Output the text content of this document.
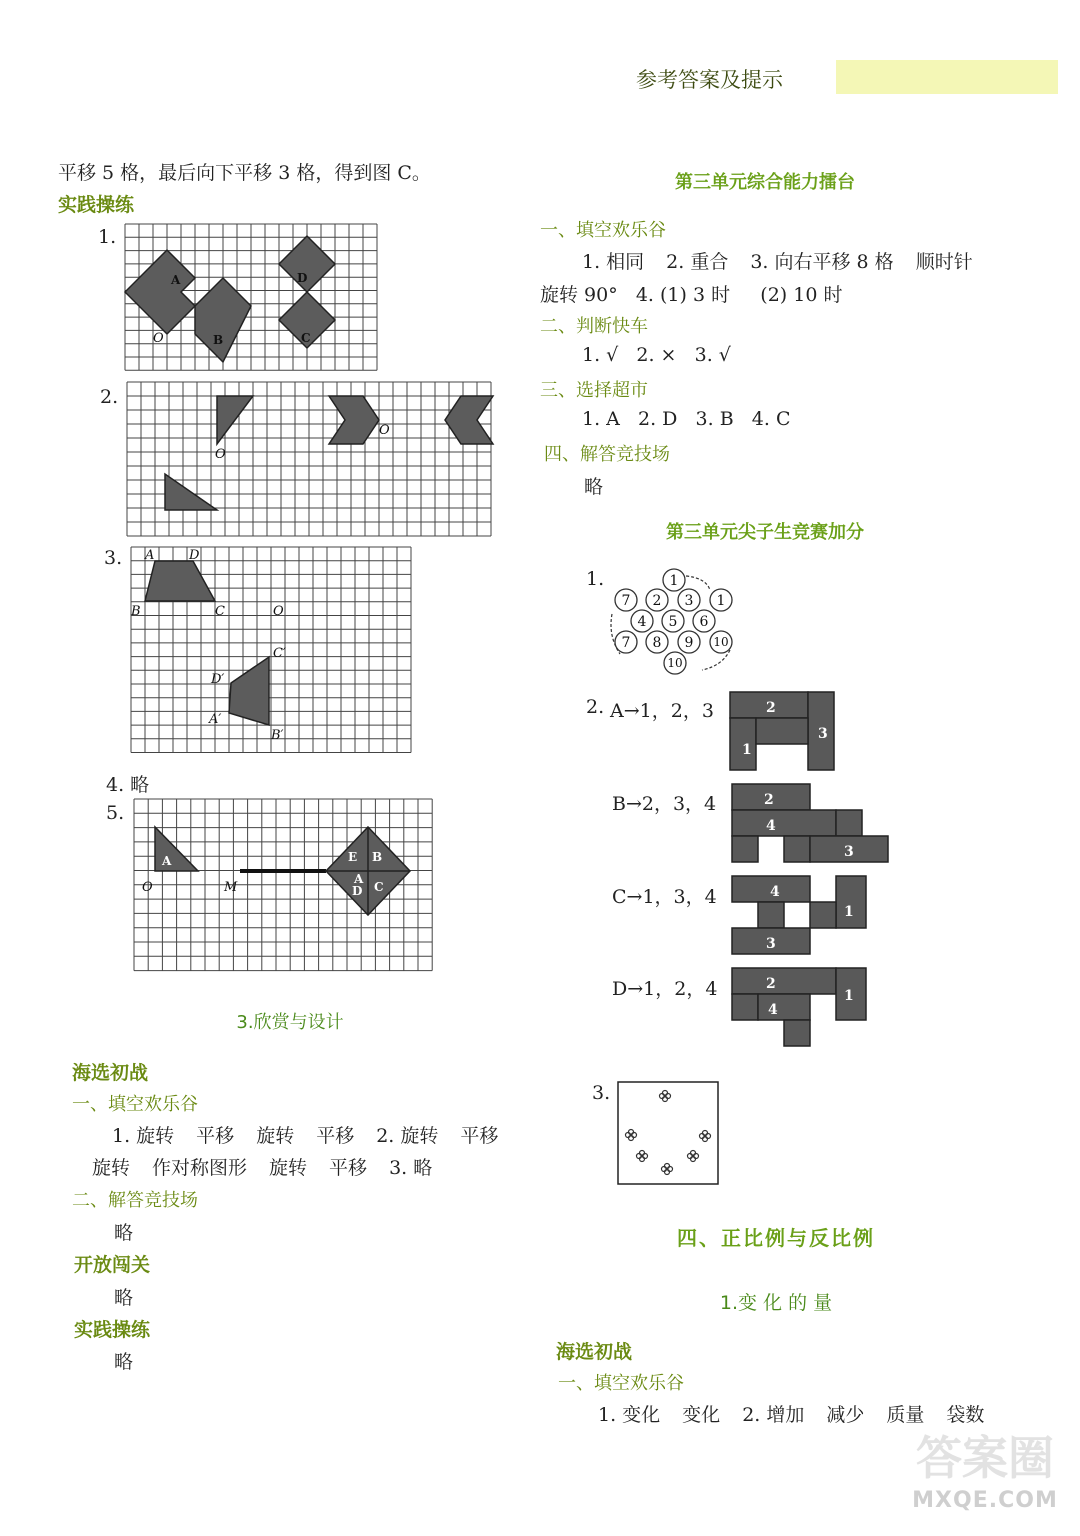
参考答案及提示
平移 5 格，最后向下平移 3 格，得到图 C。
实践操练
1.
A
B
D
C
O
2.
O
O
3. A	D
B	C	O
C′
D′
A′
B′
4. 略
5.
A
O	M
E B
A
D C
3.欣赏与设计
海选初战
一、填空欢乐谷
1. 旋转 平移 旋转 平移 2. 旋转 平移
旋转 作对称图形 旋转 平移 3. 略
二、解答竞技场
略
开放闯关
略
实践操练
略
第三单元综合能力擂台
一、填空欢乐谷
1. 相同 2. 重合 3. 向右平移 8 格 顺时针
旋转 90°   4. (1) 3 时     (2) 10 时
二、判断快车
1. √   2. ×   3. √
三、选择超市
1. A   2. D   3. B   4. C
四、解答竞技场
略
第三单元尖子生竞赛加分
1.	1
7 2 3 1
4 5 6
7 8 9 10
10
2. A→1，2，3	2
1
3
B→2，3，4	2
4
3
C→1，3，4	4
1
3
D→1，2，4	2
4
1
3.
四、正比例与反比例
1.变 化 的 量
海选初战
一、填空欢乐谷
1. 变化 变化 2. 增加 减少 质量 袋数
答案圈
MXQE.COM
